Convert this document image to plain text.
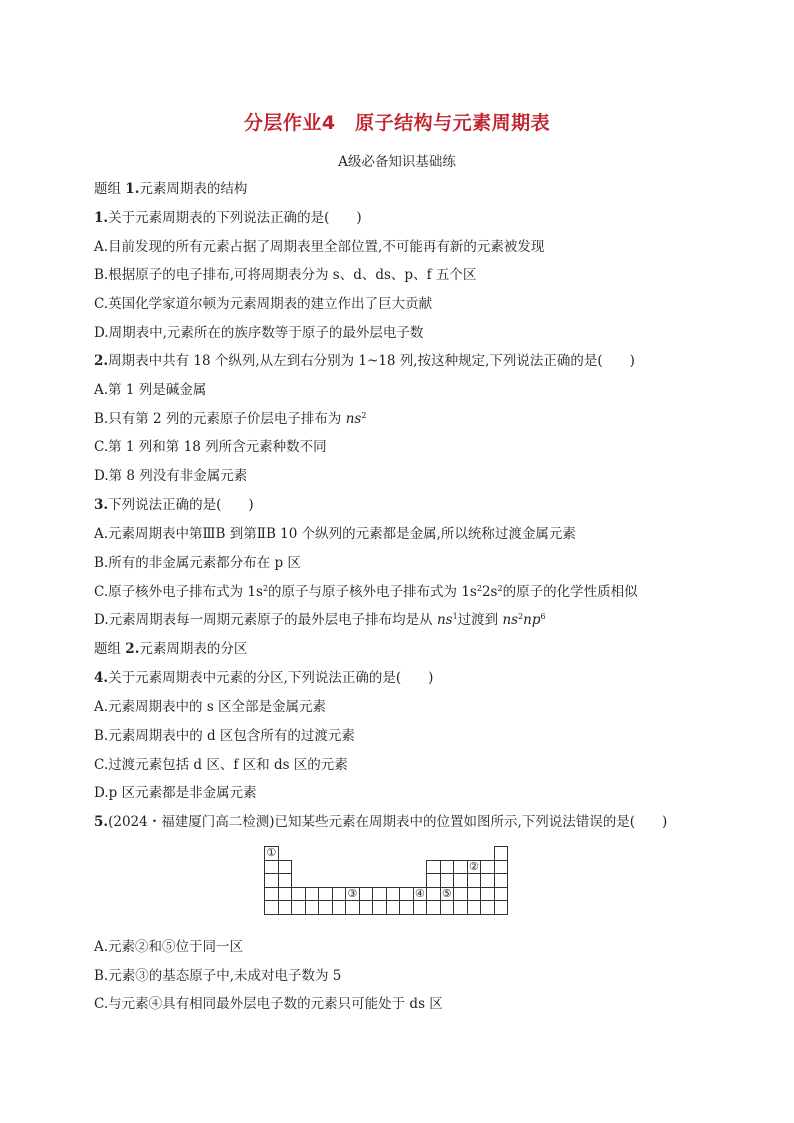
分层作业4　原子结构与元素周期表
A级必备知识基础练
题组 1.元素周期表的结构
1.关于元素周期表的下列说法正确的是(　　)
A.目前发现的所有元素占据了周期表里全部位置,不可能再有新的元素被发现
B.根据原子的电子排布,可将周期表分为 s、d、ds、p、f 五个区
C.英国化学家道尔顿为元素周期表的建立作出了巨大贡献
D.周期表中,元素所在的族序数等于原子的最外层电子数
2.周期表中共有 18 个纵列,从左到右分别为 1~18 列,按这种规定,下列说法正确的是(　　)
A.第 1 列是碱金属
B.只有第 2 列的元素原子价层电子排布为 $ns^2$
C.第 1 列和第 18 列所含元素种数不同
D.第 8 列没有非金属元素
3.下列说法正确的是(　　)
A.元素周期表中第ⅢB 到第ⅡB 10 个纵列的元素都是金属,所以统称过渡金属元素
B.所有的非金属元素都分布在 p 区
C.原子核外电子排布式为 $1s^2$的原子与原子核外电子排布式为 $1s^22s^2$的原子的化学性质相似
D.元素周期表每一周期元素原子的最外层电子排布均是从 $ns^1$过渡到 $ns^2np^6$
题组 2.元素周期表的分区
4.关于元素周期表中元素的分区,下列说法正确的是(　　)
A.元素周期表中的 s 区全部是金属元素
B.元素周期表中的 d 区包含所有的过渡元素
C.过渡元素包括 d 区、f 区和 ds 区的元素
D.p 区元素都是非金属元素
5.(2024・福建厦门高二检测)已知某些元素在周期表中的位置如图所示,下列说法错误的是(　　)
①
②
③	④ ⑤
A.元素②和⑤位于同一区
B.元素③的基态原子中,未成对电子数为 5
C.与元素④具有相同最外层电子数的元素只可能处于 ds 区
